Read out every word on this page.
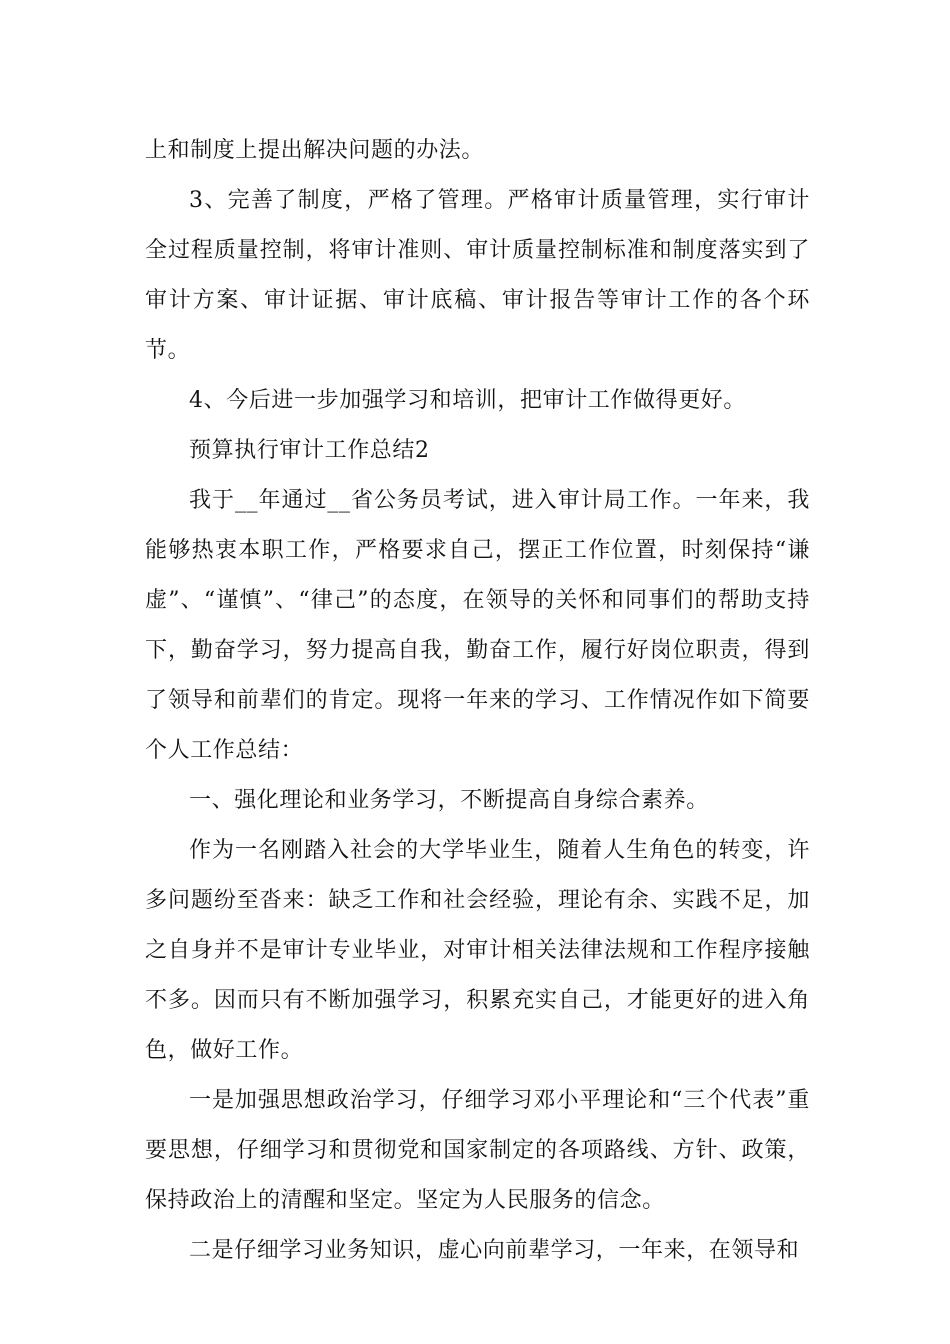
上和制度上提出解决问题的办法。

3、完善了制度，严格了管理。严格审计质量管理，实行审计全过程质量控制，将审计准则、审计质量控制标准和制度落实到了审计方案、审计证据、审计底稿、审计报告等审计工作的各个环节。

4、今后进一步加强学习和培训，把审计工作做得更好。

预算执行审计工作总结2

我于__年通过__省公务员考试，进入审计局工作。一年来，我能够热衷本职工作，严格要求自己，摆正工作位置，时刻保持“谦虚”、“谨慎”、“律己”的态度，在领导的关怀和同事们的帮助支持下，勤奋学习，努力提高自我，勤奋工作，履行好岗位职责，得到了领导和前辈们的肯定。现将一年来的学习、工作情况作如下简要个人工作总结：

一、强化理论和业务学习，不断提高自身综合素养。

作为一名刚踏入社会的大学毕业生，随着人生角色的转变，许多问题纷至沓来：缺乏工作和社会经验，理论有余、实践不足，加之自身并不是审计专业毕业，对审计相关法律法规和工作程序接触不多。因而只有不断加强学习，积累充实自己，才能更好的进入角色，做好工作。

一是加强思想政治学习，仔细学习邓小平理论和“三个代表”重要思想，仔细学习和贯彻党和国家制定的各项路线、方针、政策，保持政治上的清醒和坚定。坚定为人民服务的信念。

二是仔细学习业务知识，虚心向前辈学习，一年来，在领导和
